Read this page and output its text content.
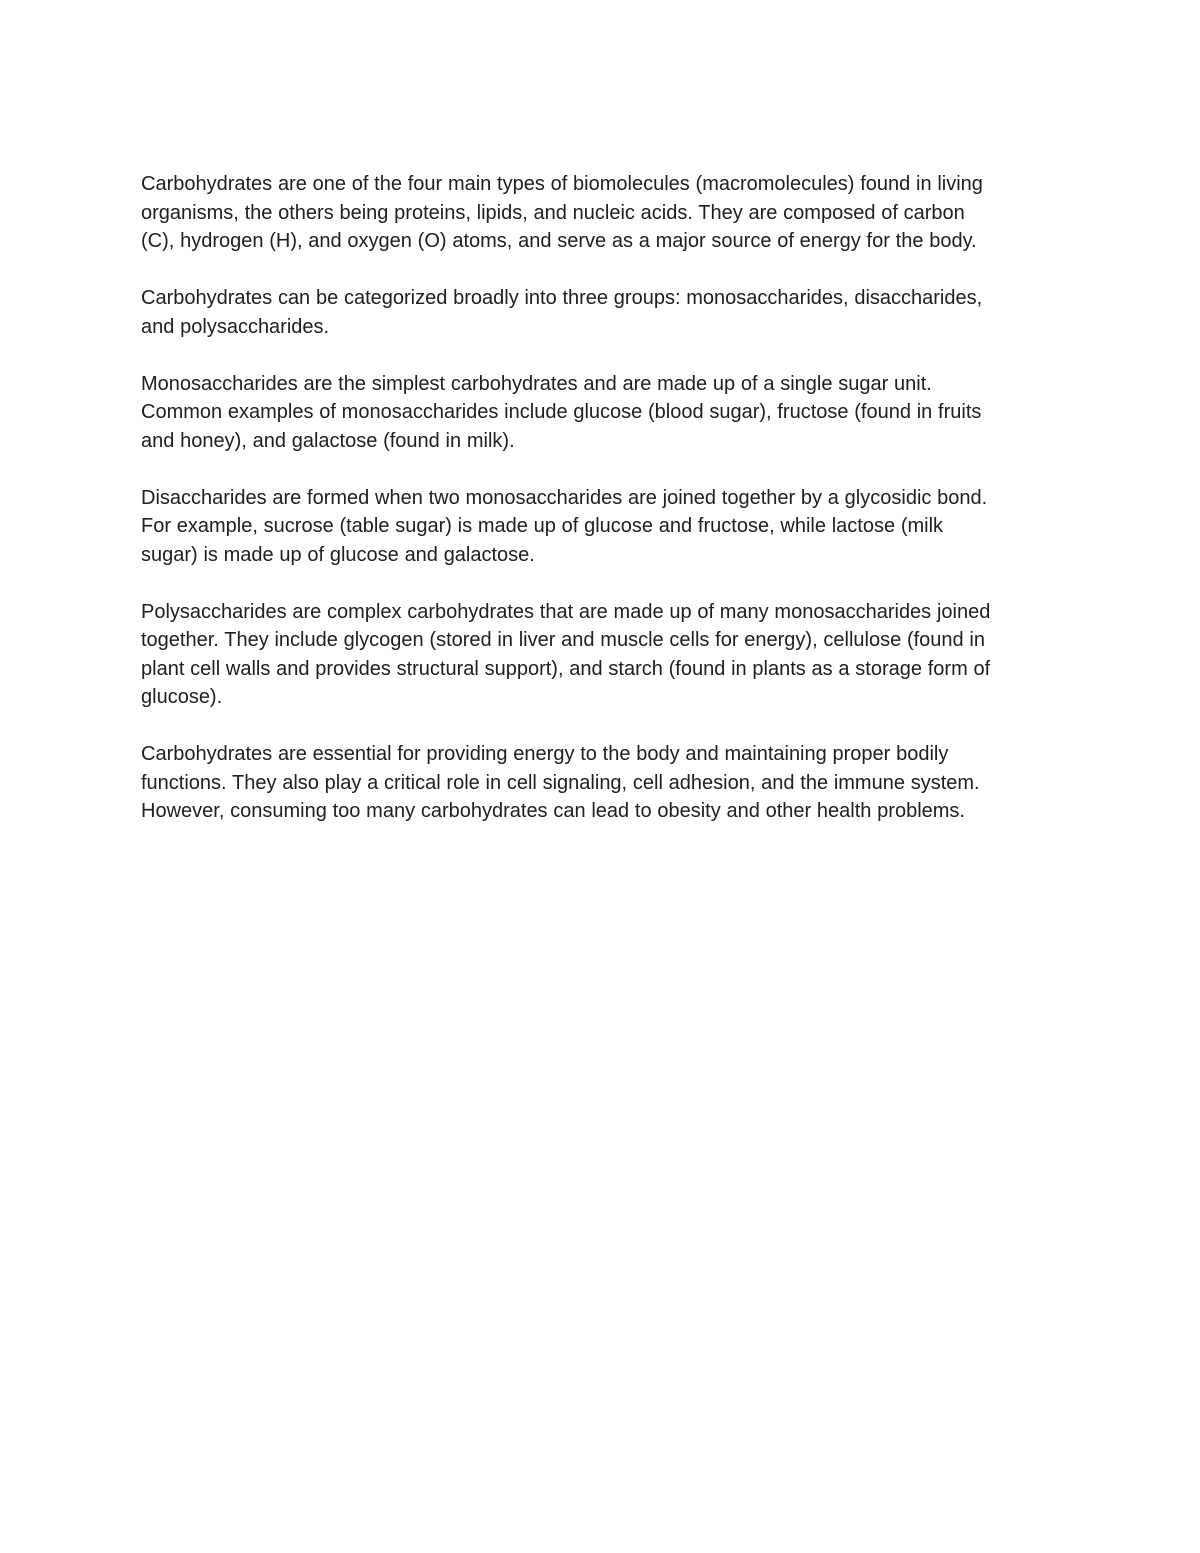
Carbohydrates are one of the four main types of biomolecules (macromolecules) found in living
organisms, the others being proteins, lipids, and nucleic acids. They are composed of carbon
(C), hydrogen (H), and oxygen (O) atoms, and serve as a major source of energy for the body.

Carbohydrates can be categorized broadly into three groups: monosaccharides, disaccharides,
and polysaccharides.

Monosaccharides are the simplest carbohydrates and are made up of a single sugar unit.
Common examples of monosaccharides include glucose (blood sugar), fructose (found in fruits
and honey), and galactose (found in milk).

Disaccharides are formed when two monosaccharides are joined together by a glycosidic bond.
For example, sucrose (table sugar) is made up of glucose and fructose, while lactose (milk
sugar) is made up of glucose and galactose.

Polysaccharides are complex carbohydrates that are made up of many monosaccharides joined
together. They include glycogen (stored in liver and muscle cells for energy), cellulose (found in
plant cell walls and provides structural support), and starch (found in plants as a storage form of
glucose).

Carbohydrates are essential for providing energy to the body and maintaining proper bodily
functions. They also play a critical role in cell signaling, cell adhesion, and the immune system.
However, consuming too many carbohydrates can lead to obesity and other health problems.
